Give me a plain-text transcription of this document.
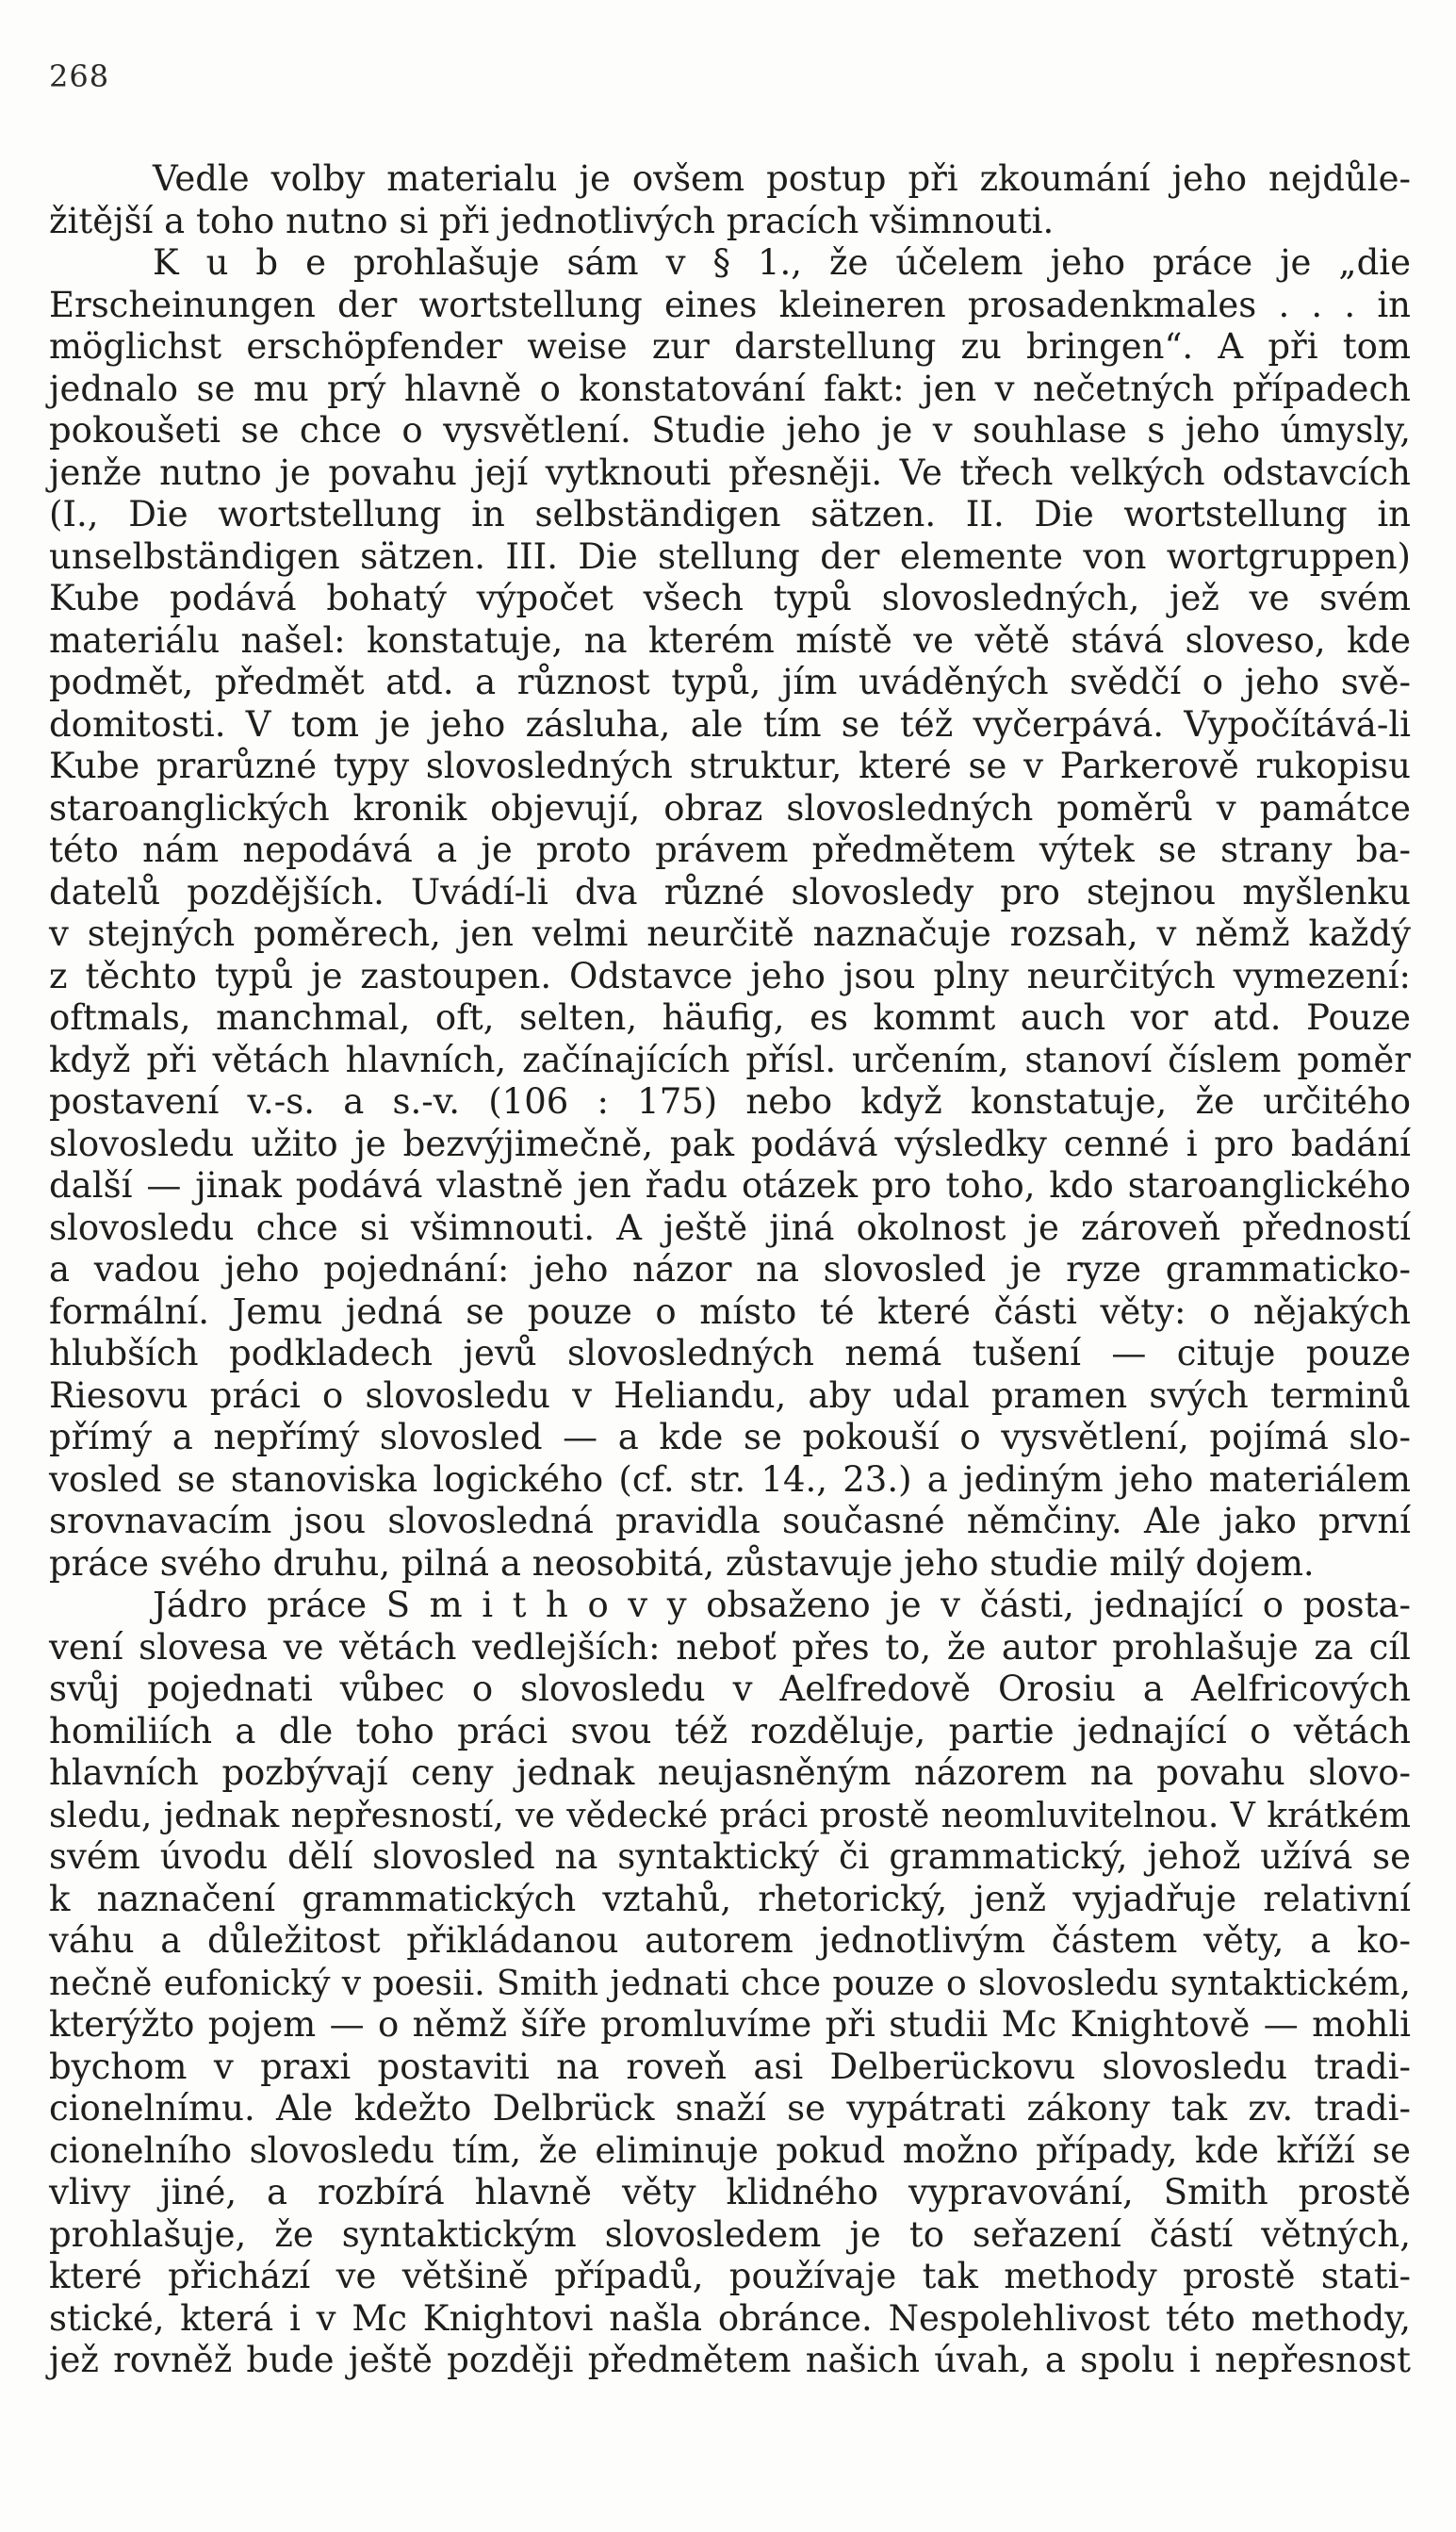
268
Vedle volby materialu je ovšem postup při zkoumání jeho nejdůle-
žitější a toho nutno si při jednotlivých pracích všimnouti.
K u b e prohlašuje sám v § 1., že účelem jeho práce je „die
Erscheinungen der wortstellung eines kleineren prosadenkmales . . . in
möglichst erschöpfender weise zur darstellung zu bringen“. A při tom
jednalo se mu prý hlavně o konstatování fakt: jen v nečetných případech
pokoušeti se chce o vysvětlení. Studie jeho je v souhlase s jeho úmysly,
jenže nutno je povahu její vytknouti přesněji. Ve třech velkých odstavcích
(I., Die wortstellung in selbständigen sätzen. II. Die wortstellung in
unselbständigen sätzen. III. Die stellung der elemente von wortgruppen)
Kube podává bohatý výpočet všech typů slovosledných, jež ve svém
materiálu našel: konstatuje, na kterém místě ve větě stává sloveso, kde
podmět, předmět atd. a různost typů, jím uváděných svědčí o jeho svě-
domitosti. V tom je jeho zásluha, ale tím se též vyčerpává. Vypočítává-li
Kube prarůzné typy slovosledných struktur, které se v Parkerově rukopisu
staroanglických kronik objevují, obraz slovosledných poměrů v památce
této nám nepodává a je proto právem předmětem výtek se strany ba-
datelů pozdějších. Uvádí-li dva různé slovosledy pro stejnou myšlenku
v stejných poměrech, jen velmi neurčitě naznačuje rozsah, v němž každý
z těchto typů je zastoupen. Odstavce jeho jsou plny neurčitých vymezení:
oftmals, manchmal, oft, selten, häufig, es kommt auch vor atd. Pouze
když při větách hlavních, začínajících přísl. určením, stanoví číslem poměr
postavení v.-s. a s.-v. (106 : 175) nebo když konstatuje, že určitého
slovosledu užito je bezvýjimečně, pak podává výsledky cenné i pro badání
další — jinak podává vlastně jen řadu otázek pro toho, kdo staroanglického
slovosledu chce si všimnouti. A ještě jiná okolnost je zároveň předností
a vadou jeho pojednání: jeho názor na slovosled je ryze grammaticko-
formální. Jemu jedná se pouze o místo té které části věty: o nějakých
hlubších podkladech jevů slovosledných nemá tušení — cituje pouze
Riesovu práci o slovosledu v Heliandu, aby udal pramen svých terminů
přímý a nepřímý slovosled — a kde se pokouší o vysvětlení, pojímá slo-
vosled se stanoviska logického (cf. str. 14., 23.) a jediným jeho materiálem
srovnavacím jsou slovosledná pravidla současné němčiny. Ale jako první
práce svého druhu, pilná a neosobitá, zůstavuje jeho studie milý dojem.
Jádro práce S m i t h o v y obsaženo je v části, jednající o posta-
vení slovesa ve větách vedlejších: neboť přes to, že autor prohlašuje za cíl
svůj pojednati vůbec o slovosledu v Aelfredově Orosiu a Aelfricových
homiliích a dle toho práci svou též rozděluje, partie jednající o větách
hlavních pozbývají ceny jednak neujasněným názorem na povahu slovo-
sledu, jednak nepřesností, ve vědecké práci prostě neomluvitelnou. V krátkém
svém úvodu dělí slovosled na syntaktický či grammatický, jehož užívá se
k naznačení grammatických vztahů, rhetorický, jenž vyjadřuje relativní
váhu a důležitost přikládanou autorem jednotlivým částem věty, a ko-
nečně eufonický v poesii. Smith jednati chce pouze o slovosledu syntaktickém,
kterýžto pojem — o němž šíře promluvíme při studii Mc Knightově — mohli
bychom v praxi postaviti na roveň asi Delberückovu slovosledu tradi-
cionelnímu. Ale kdežto Delbrück snaží se vypátrati zákony tak zv. tradi-
cionelního slovosledu tím, že eliminuje pokud možno případy, kde kříží se
vlivy jiné, a rozbírá hlavně věty klidného vypravování, Smith prostě
prohlašuje, že syntaktickým slovosledem je to seřazení částí větných,
které přichází ve většině případů, používaje tak methody prostě stati-
stické, která i v Mc Knightovi našla obránce. Nespolehlivost této methody,
jež rovněž bude ještě později předmětem našich úvah, a spolu i nepřesnost
